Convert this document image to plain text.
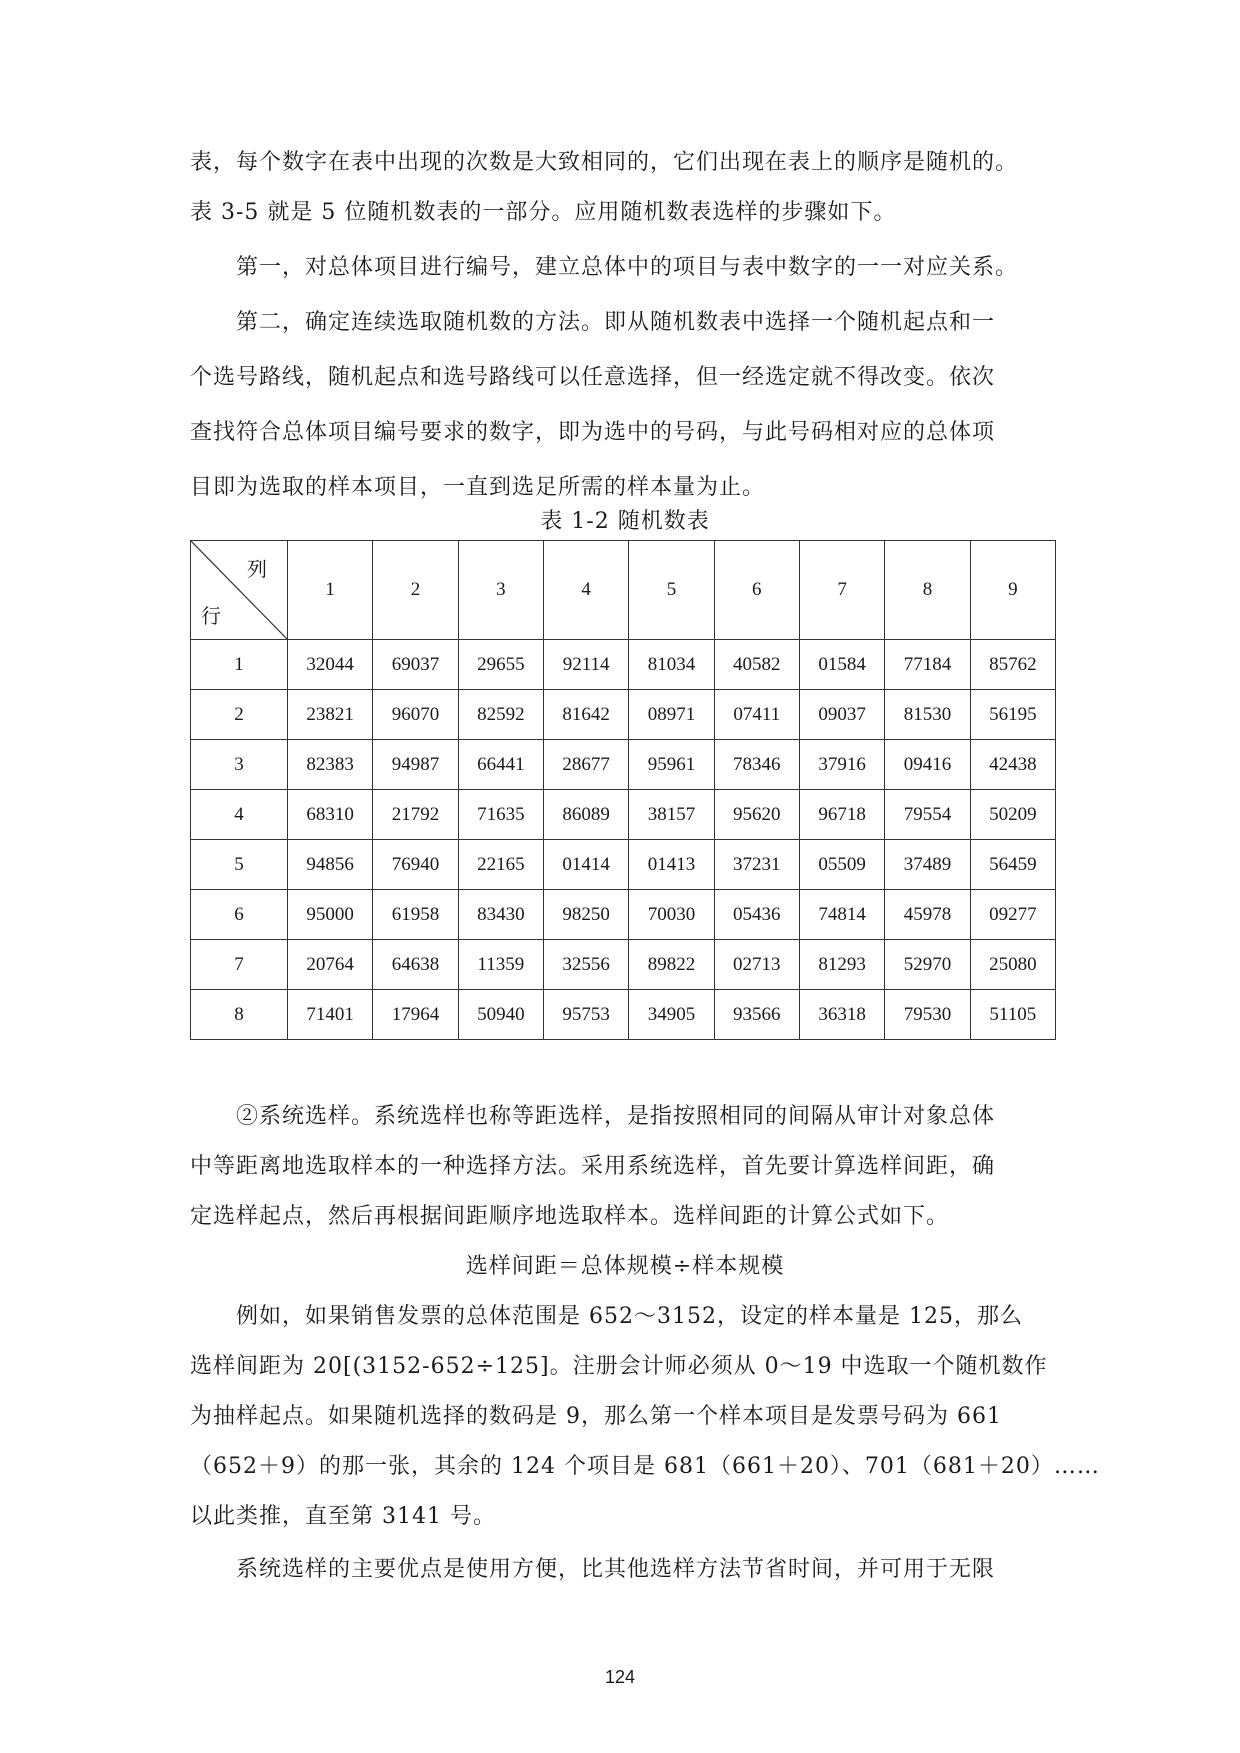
表，每个数字在表中出现的次数是大致相同的，它们出现在表上的顺序是随机的。

表 3-5 就是 5 位随机数表的一部分。应用随机数表选样的步骤如下。

　　第一，对总体项目进行编号，建立总体中的项目与表中数字的一一对应关系。

　　第二，确定连续选取随机数的方法。即从随机数表中选择一个随机起点和一

个选号路线，随机起点和选号路线可以任意选择，但一经选定就不得改变。依次

查找符合总体项目编号要求的数字，即为选中的号码，与此号码相对应的总体项

目即为选取的样本项目，一直到选足所需的样本量为止。

表 1-2 随机数表

列
行	1	2	3	4	5	6	7	8	9
1	32044	69037	29655	92114	81034	40582	01584	77184	85762
2	23821	96070	82592	81642	08971	07411	09037	81530	56195
3	82383	94987	66441	28677	95961	78346	37916	09416	42438
4	68310	21792	71635	86089	38157	95620	96718	79554	50209
5	94856	76940	22165	01414	01413	37231	05509	37489	56459
6	95000	61958	83430	98250	70030	05436	74814	45978	09277
7	20764	64638	11359	32556	89822	02713	81293	52970	25080
8	71401	17964	50940	95753	34905	93566	36318	79530	51105

　　②系统选样。系统选样也称等距选样，是指按照相同的间隔从审计对象总体

中等距离地选取样本的一种选择方法。采用系统选样，首先要计算选样间距，确

定选样起点，然后再根据间距顺序地选取样本。选样间距的计算公式如下。

选样间距＝总体规模÷样本规模

　　例如，如果销售发票的总体范围是 652～3152，设定的样本量是 125，那么

选样间距为 20[(3152-652÷125]。注册会计师必须从 0～19 中选取一个随机数作

为抽样起点。如果随机选择的数码是 9，那么第一个样本项目是发票号码为 661

（652＋9）的那一张，其余的 124 个项目是 681（661＋20）、701（681＋20）……

以此类推，直至第 3141 号。

　　系统选样的主要优点是使用方便，比其他选样方法节省时间，并可用于无限

124
